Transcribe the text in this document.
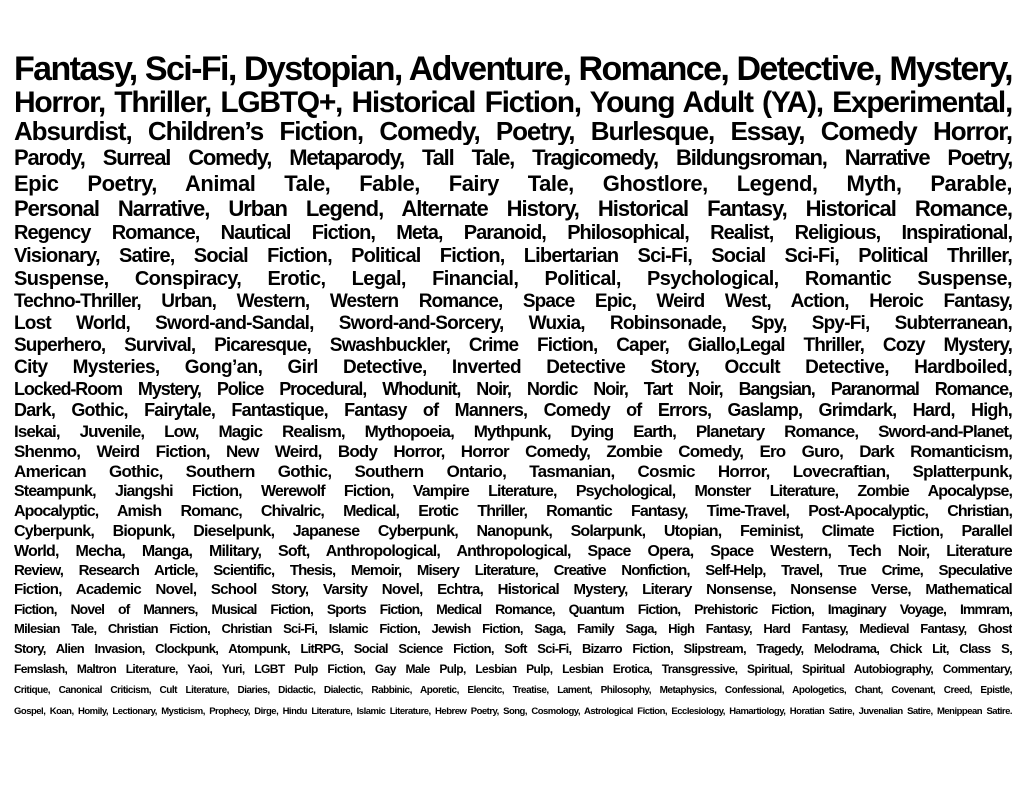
Fantasy, Sci-Fi, Dystopian, Adventure, Romance, Detective, Mystery,
Horror, Thriller, LGBTQ+, Historical Fiction, Young Adult (YA), Experimental,
Absurdist, Children’s Fiction, Comedy, Poetry, Burlesque, Essay, Comedy Horror,
Parody, Surreal Comedy, Metaparody, Tall Tale, Tragicomedy, Bildungsroman, Narrative Poetry,
Epic Poetry, Animal Tale, Fable, Fairy Tale, Ghostlore, Legend, Myth, Parable,
Personal Narrative, Urban Legend, Alternate History, Historical Fantasy, Historical Romance,
Regency Romance, Nautical Fiction, Meta, Paranoid, Philosophical, Realist, Religious, Inspirational,
Visionary, Satire, Social Fiction, Political Fiction, Libertarian Sci-Fi, Social Sci-Fi, Political Thriller,
Suspense, Conspiracy, Erotic, Legal, Financial, Political, Psychological, Romantic Suspense,
Techno-Thriller, Urban, Western, Western Romance, Space Epic, Weird West, Action, Heroic Fantasy,
Lost World, Sword-and-Sandal, Sword-and-Sorcery, Wuxia, Robinsonade, Spy, Spy-Fi, Subterranean,
Superhero, Survival, Picaresque, Swashbuckler, Crime Fiction, Caper, Giallo,Legal Thriller, Cozy Mystery,
City Mysteries, Gong’an, Girl Detective, Inverted Detective Story, Occult Detective, Hardboiled,
Locked-Room Mystery, Police Procedural, Whodunit, Noir, Nordic Noir, Tart Noir, Bangsian, Paranormal Romance,
Dark, Gothic, Fairytale, Fantastique, Fantasy of Manners, Comedy of Errors, Gaslamp, Grimdark, Hard, High,
Isekai, Juvenile, Low, Magic Realism, Mythopoeia, Mythpunk, Dying Earth, Planetary Romance, Sword-and-Planet,
Shenmo, Weird Fiction, New Weird, Body Horror, Horror Comedy, Zombie Comedy, Ero Guro, Dark Romanticism,
American Gothic, Southern Gothic, Southern Ontario, Tasmanian, Cosmic Horror, Lovecraftian, Splatterpunk,
Steampunk, Jiangshi Fiction, Werewolf Fiction, Vampire Literature, Psychological, Monster Literature, Zombie Apocalypse,
Apocalyptic, Amish Romanc, Chivalric, Medical, Erotic Thriller, Romantic Fantasy, Time-Travel, Post-Apocalyptic, Christian,
Cyberpunk, Biopunk, Dieselpunk, Japanese Cyberpunk, Nanopunk, Solarpunk, Utopian, Feminist, Climate Fiction, Parallel
World, Mecha, Manga, Military, Soft, Anthropological, Anthropological, Space Opera, Space Western, Tech Noir, Literature
Review, Research Article, Scientific, Thesis, Memoir, Misery Literature, Creative Nonfiction, Self-Help, Travel, True Crime, Speculative
Fiction, Academic Novel, School Story, Varsity Novel, Echtra, Historical Mystery, Literary Nonsense, Nonsense Verse, Mathematical
Fiction, Novel of Manners, Musical Fiction, Sports Fiction, Medical Romance, Quantum Fiction, Prehistoric Fiction, Imaginary Voyage, Immram,
Milesian Tale, Christian Fiction, Christian Sci-Fi, Islamic Fiction, Jewish Fiction, Saga, Family Saga, High Fantasy, Hard Fantasy, Medieval Fantasy, Ghost
Story, Alien Invasion, Clockpunk, Atompunk, LitRPG, Social Science Fiction, Soft Sci-Fi, Bizarro Fiction, Slipstream, Tragedy, Melodrama, Chick Lit, Class S,
Femslash, Maltron Literature, Yaoi, Yuri, LGBT Pulp Fiction, Gay Male Pulp, Lesbian Pulp, Lesbian Erotica, Transgressive, Spiritual, Spiritual Autobiography, Commentary,
Critique, Canonical Criticism, Cult Literature, Diaries, Didactic, Dialectic, Rabbinic, Aporetic, Elencitc, Treatise, Lament, Philosophy, Metaphysics, Confessional, Apologetics, Chant, Covenant, Creed, Epistle,
Gospel, Koan, Homily, Lectionary, Mysticism, Prophecy, Dirge, Hindu Literature, Islamic Literature, Hebrew Poetry, Song, Cosmology, Astrological Fiction, Ecclesiology, Hamartiology, Horatian Satire, Juvenalian Satire, Menippean Satire.
